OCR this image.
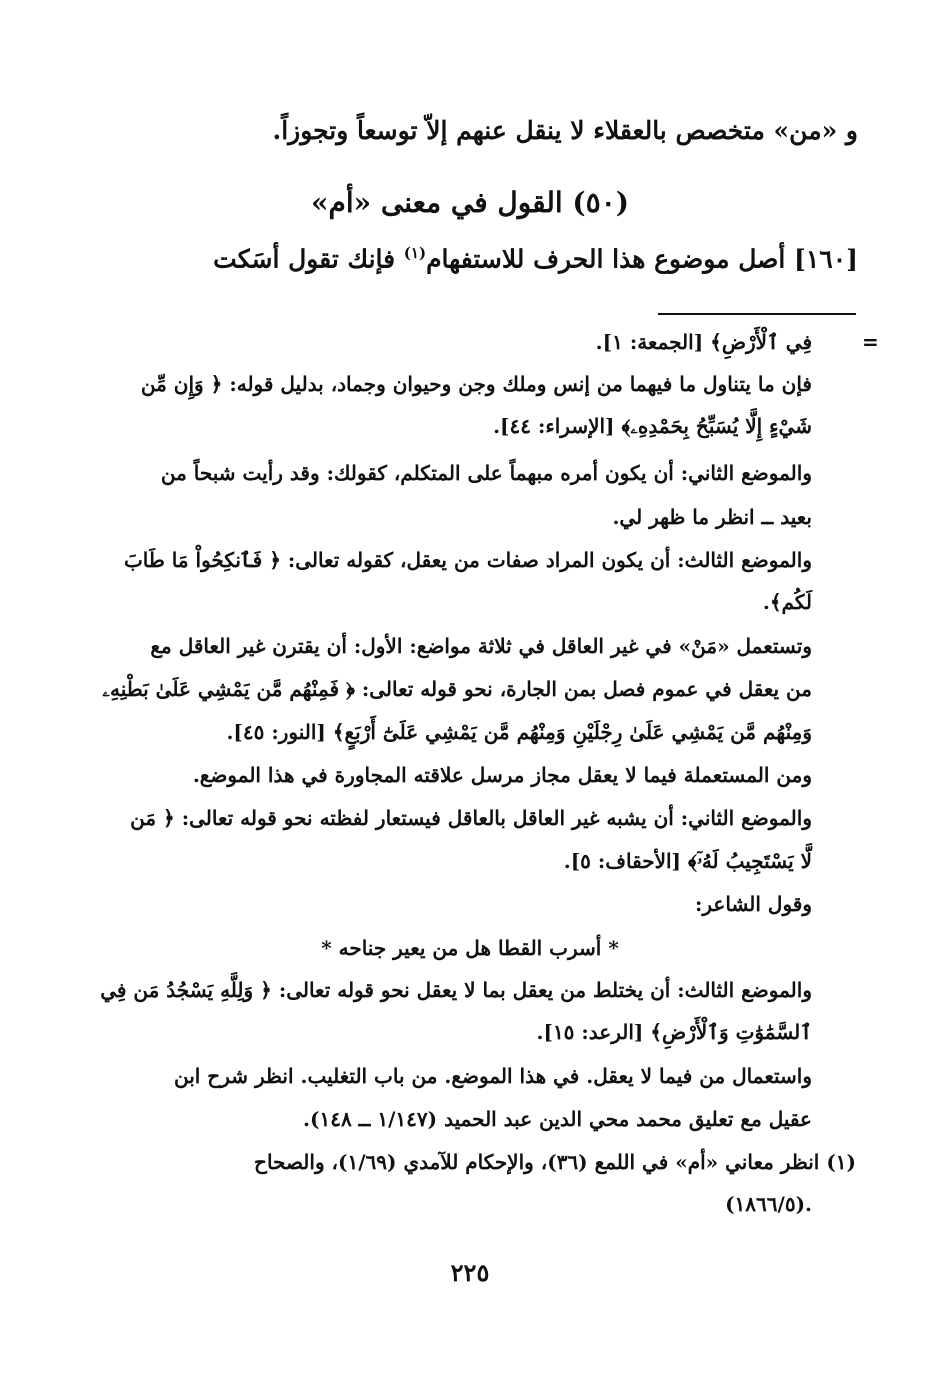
و «من» متخصص بالعقلاء لا ينقل عنهم إلاّ توسعاً وتجوزاً.
(٥٠) القول في معنى «أم»
[١٦٠] أصل موضوع هذا الحرف للاستفهام$^{(١)}$ فإنك تقول أسَكت
=
فِي ٱلْأَرْضِ﴾ [الجمعة: ١].
فإن ما يتناول ما فيهما من إنس وملك وجن وحيوان وجماد، بدليل قوله: ﴿ وَإِن مِّن
شَيْءٍ إِلَّا يُسَبِّحُ بِحَمْدِهِۦ﴾ [الإسراء: ٤٤].
والموضع الثاني: أن يكون أمره مبهماً على المتكلم، كقولك: وقد رأيت شبحاً من
بعيد ــ انظر ما ظهر لي.
والموضع الثالث: أن يكون المراد صفات من يعقل، كقوله تعالى: ﴿ فَٱنكِحُواْ مَا طَابَ
لَكُم﴾.
وتستعمل «مَنْ» في غير العاقل في ثلاثة مواضع: الأول: أن يقترن غير العاقل مع
من يعقل في عموم فصل بمن الجارة، نحو قوله تعالى: ﴿ فَمِنْهُم مَّن يَمْشِي عَلَىٰ بَطْنِهِۦ
وَمِنْهُم مَّن يَمْشِي عَلَىٰ رِجْلَيْنِ وَمِنْهُم مَّن يَمْشِي عَلَىٰٓ أَرْبَعٍ﴾ [النور: ٤٥].
ومن المستعملة فيما لا يعقل مجاز مرسل علاقته المجاورة في هذا الموضع.
والموضع الثاني: أن يشبه غير العاقل بالعاقل فيستعار لفظته نحو قوله تعالى: ﴿ مَن
لَّا يَسْتَجِيبُ لَهُۥٓ﴾ [الأحقاف: ٥].
وقول الشاعر:
* أسرب القطا هل من يعير جناحه *
والموضع الثالث: أن يختلط من يعقل بما لا يعقل نحو قوله تعالى: ﴿ وَلِلَّهِ يَسْجُدُ مَن فِي
ٱلسَّمَٰوَٰتِ وَٱلْأَرْضِ﴾ [الرعد: ١٥].
واستعمال من فيما لا يعقل. في هذا الموضع. من باب التغليب. انظر شرح ابن
عقيل مع تعليق محمد محي الدين عبد الحميد (١/١٤٧ ــ ١٤٨).
(١) انظر معاني «أم» في اللمع (٣٦)، والإحكام للآمدي (١/٦٩)، والصحاح
(١٨٦٦/٥).
٢٢٥
